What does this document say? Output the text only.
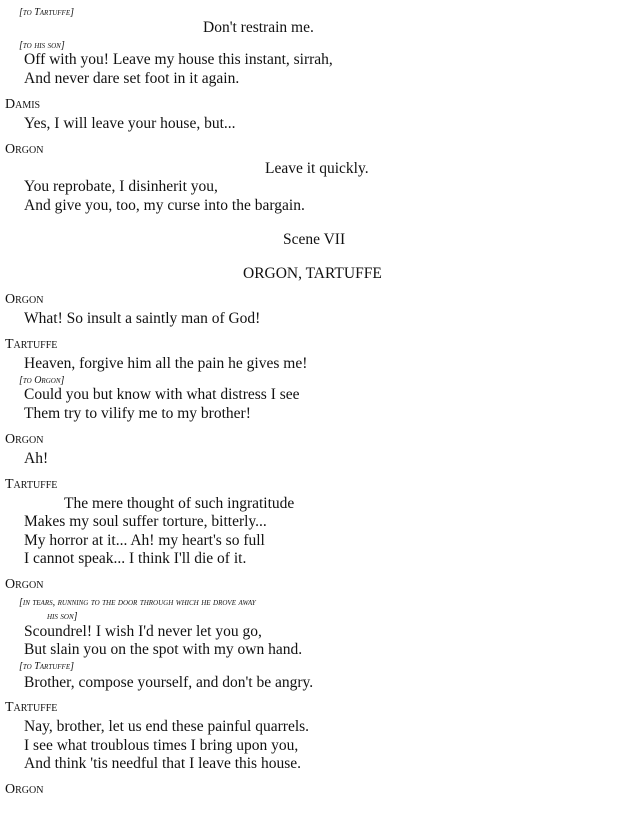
[to Tartuffe]
Don't restrain me.
[to his son]
Off with you! Leave my house this instant, sirrah,
And never dare set foot in it again.
Damis
Yes, I will leave your house, but...
Orgon
Leave it quickly.
You reprobate, I disinherit you,
And give you, too, my curse into the bargain.
Scene VII
ORGON, TARTUFFE
Orgon
What! So insult a saintly man of God!
Tartuffe
Heaven, forgive him all the pain he gives me!
[to Orgon]
Could you but know with what distress I see
Them try to vilify me to my brother!
Orgon
Ah!
Tartuffe
The mere thought of such ingratitude
Makes my soul suffer torture, bitterly...
My horror at it... Ah! my heart's so full
I cannot speak... I think I'll die of it.
Orgon
[in tears, running to the door through which he drove away
his son]
Scoundrel! I wish I'd never let you go,
But slain you on the spot with my own hand.
[to Tartuffe]
Brother, compose yourself, and don't be angry.
Tartuffe
Nay, brother, let us end these painful quarrels.
I see what troublous times I bring upon you,
And think 'tis needful that I leave this house.
Orgon
